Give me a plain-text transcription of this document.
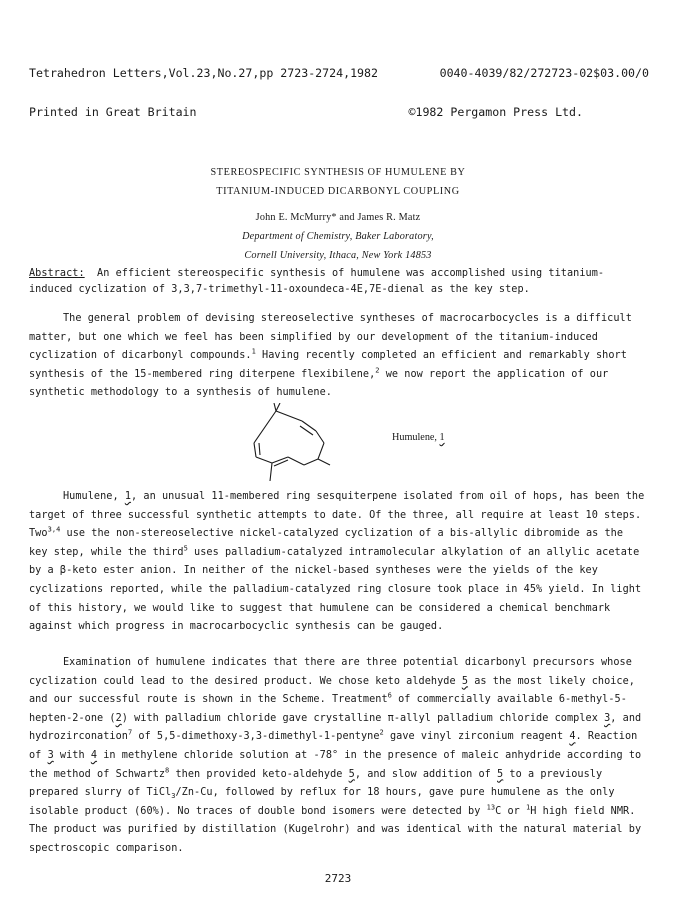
Tetrahedron Letters,Vol.23,No.27,pp 2723-2724,1982	0040-4039/82/272723-02$03.00/0

Printed in Great Britain	©1982 Pergamon Press Ltd.

STEREOSPECIFIC SYNTHESIS OF HUMULENE BY
TITANIUM-INDUCED DICARBONYL COUPLING
John E. McMurry* and James R. Matz
Department of Chemistry, Baker Laboratory,
Cornell University, Ithaca, New York 14853

Abstract: An efficient stereospecific synthesis of humulene was accomplished using titanium-induced cyclization of 3,3,7-trimethyl-11-oxoundeca-4E,7E-dienal as the key step.

The general problem of devising stereoselective syntheses of macrocarbocycles is a difficult matter, but one which we feel has been simplified by our development of the titanium-induced cyclization of dicarbonyl compounds.$^1$ Having recently completed an efficient and remarkably short synthesis of the 15-membered ring diterpene flexibilene,$^2$ we now report the application of our synthetic methodology to a synthesis of humulene.

Humulene, 1

Humulene, 1, an unusual 11-membered ring sesquiterpene isolated from oil of hops, has been the target of three successful synthetic attempts to date. Of the three, all require at least 10 steps. Two$^{3,4}$ use the non-stereoselective nickel-catalyzed cyclization of a bis-allylic dibromide as the key step, while the third$^5$ uses palladium-catalyzed intramolecular alkylation of an allylic acetate by a β-keto ester anion. In neither of the nickel-based syntheses were the yields of the key cyclizations reported, while the palladium-catalyzed ring closure took place in 45% yield. In light of this history, we would like to suggest that humulene can be considered a chemical benchmark against which progress in macrocarbocyclic synthesis can be gauged.

Examination of humulene indicates that there are three potential dicarbonyl precursors whose cyclization could lead to the desired product. We chose keto aldehyde 5 as the most likely choice, and our successful route is shown in the Scheme. Treatment$^6$ of commercially available 6-methyl-5-hepten-2-one (2) with palladium chloride gave crystalline π-allyl palladium chloride complex 3, and hydrozirconation$^7$ of 5,5-dimethoxy-3,3-dimethyl-1-pentyne$^2$ gave vinyl zirconium reagent 4. Reaction of 3 with 4 in methylene chloride solution at -78° in the presence of maleic anhydride according to the method of Schwartz$^8$ then provided keto-aldehyde 5, and slow addition of 5 to a previously prepared slurry of TiCl$_3$/Zn-Cu, followed by reflux for 18 hours, gave pure humulene as the only isolable product (60%). No traces of double bond isomers were detected by $^{13}$C or $^1$H high field NMR. The product was purified by distillation (Kugelrohr) and was identical with the natural material by spectroscopic comparison.

2723
